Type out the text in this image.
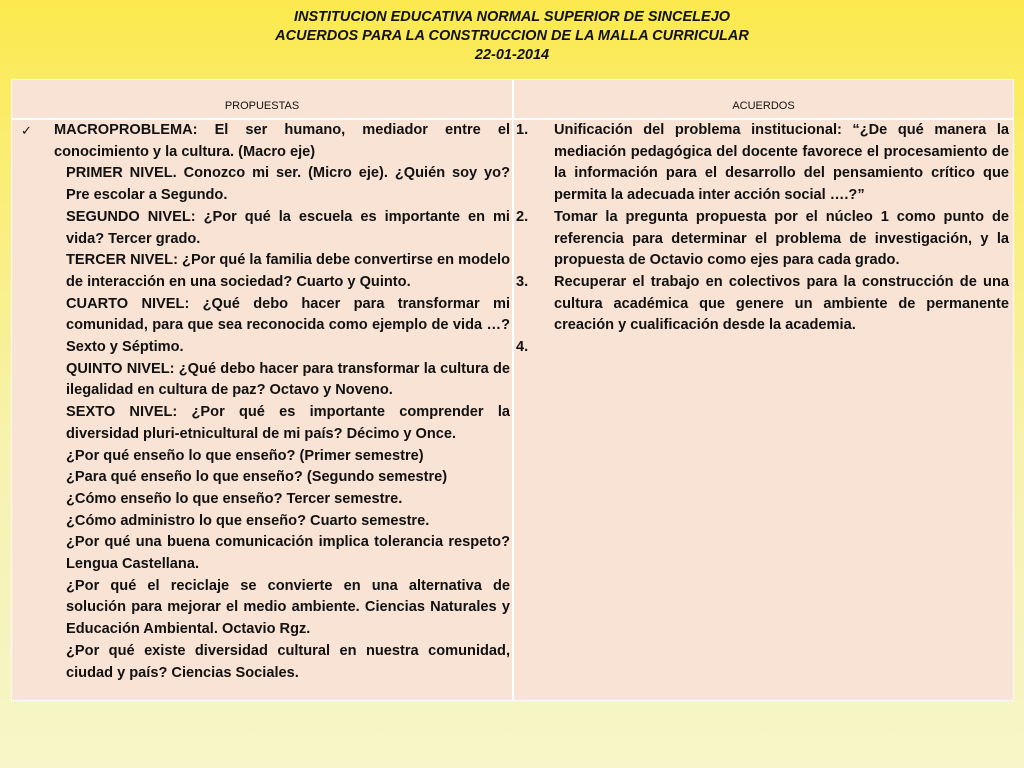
INSTITUCION EDUCATIVA NORMAL SUPERIOR DE SINCELEJO
ACUERDOS PARA LA CONSTRUCCION DE LA MALLA CURRICULAR
22-01-2014
PROPUESTAS	ACUERDOS
✓ MACROPROBLEMA: El ser humano, mediador entre el conocimiento y la cultura. (Macro eje)
PRIMER NIVEL. Conozco mi ser. (Micro eje). ¿Quién soy yo? Pre escolar a Segundo.
SEGUNDO NIVEL: ¿Por qué la escuela es importante en mi vida? Tercer grado.
TERCER NIVEL: ¿Por qué la familia debe convertirse en modelo de interacción en una sociedad? Cuarto y Quinto.
CUARTO NIVEL: ¿Qué debo hacer para transformar mi comunidad, para que sea reconocida como ejemplo de vida …? Sexto y Séptimo.
QUINTO NIVEL: ¿Qué debo hacer para transformar la cultura de ilegalidad en cultura de paz? Octavo y Noveno.
SEXTO NIVEL: ¿Por qué es importante comprender la diversidad pluri-etnicultural de mi país? Décimo y Once.
¿Por qué enseño lo que enseño? (Primer semestre)
¿Para qué enseño lo que enseño? (Segundo semestre)
¿Cómo enseño lo que enseño? Tercer semestre.
¿Cómo administro lo que enseño? Cuarto semestre.
¿Por qué una buena comunicación implica tolerancia respeto? Lengua Castellana.
¿Por qué el reciclaje se convierte en una alternativa de solución para mejorar el medio ambiente. Ciencias Naturales y Educación Ambiental. Octavio Rgz.
¿Por qué existe diversidad cultural en nuestra comunidad, ciudad y país? Ciencias Sociales.
1. Unificación del problema institucional: “¿De qué manera la mediación pedagógica del docente favorece el procesamiento de la información para el desarrollo del pensamiento crítico que permita la adecuada inter acción social ….?”
2. Tomar la pregunta propuesta por el núcleo 1 como punto de referencia para determinar el problema de investigación, y la propuesta de Octavio como ejes para cada grado.
3. Recuperar el trabajo en colectivos para la construcción de una cultura académica que genere un ambiente de permanente creación y cualificación desde la academia.
4.
